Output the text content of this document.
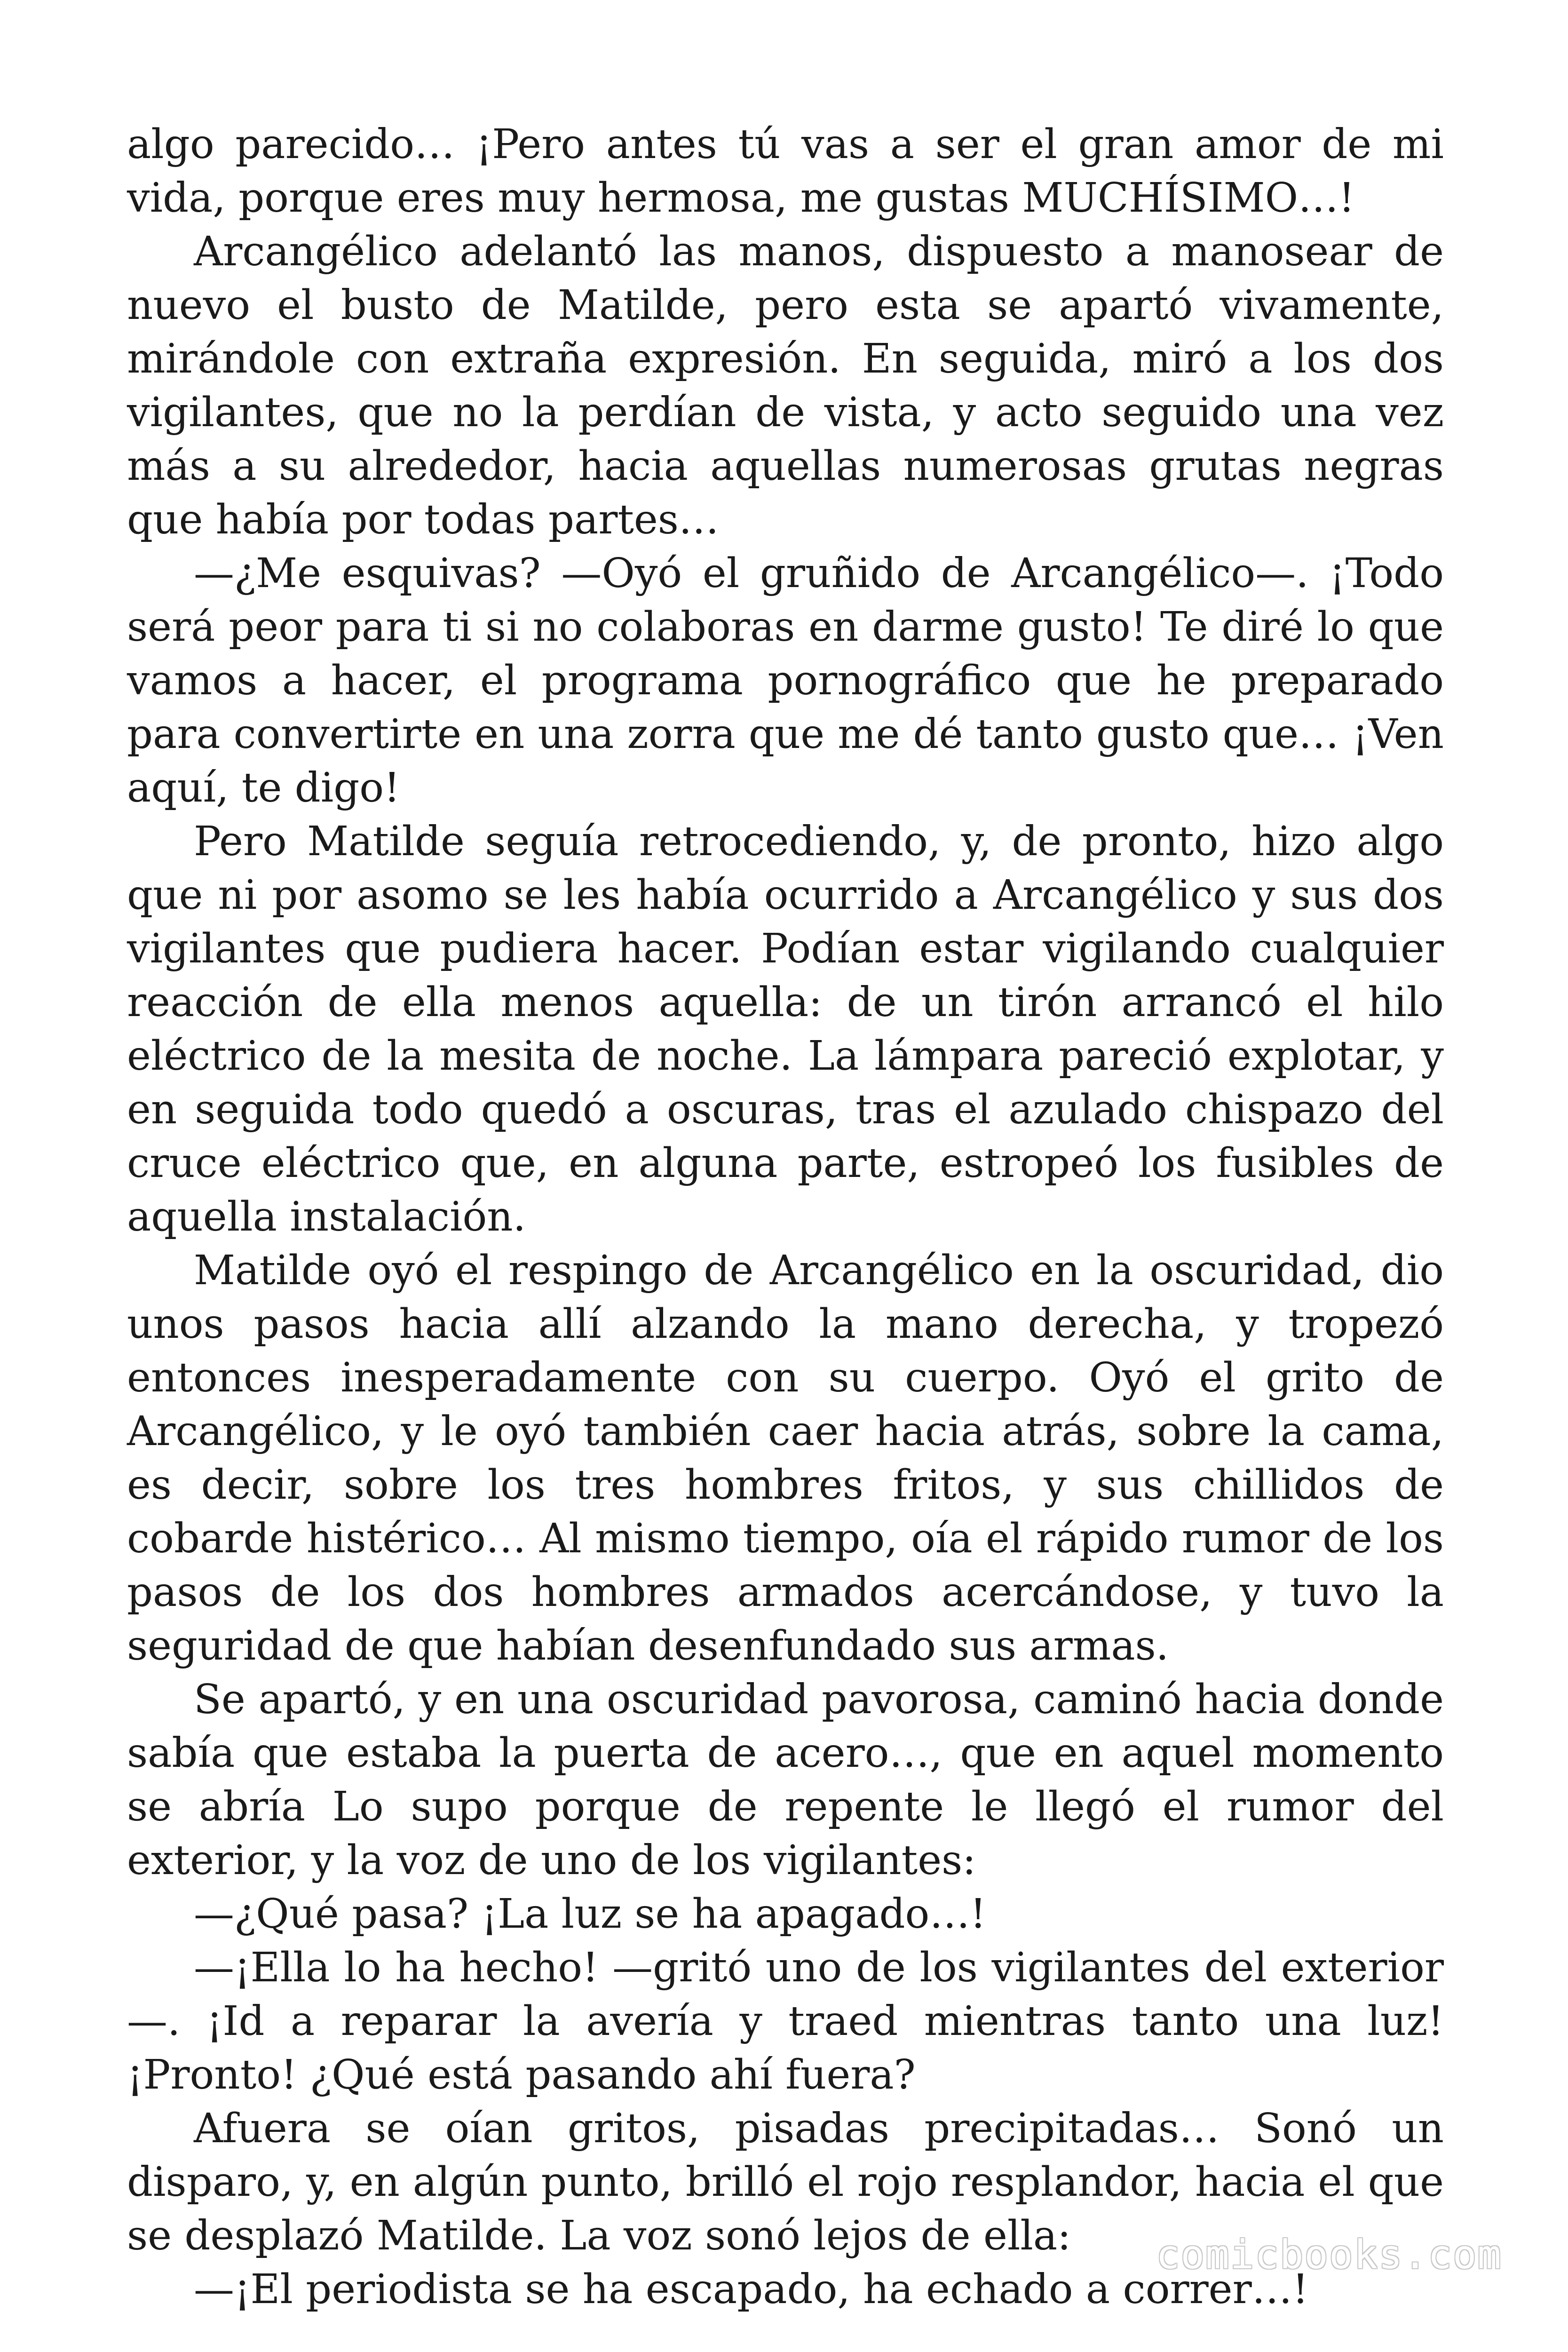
algo parecido… ¡Pero antes tú vas a ser el gran amor de mi vida, porque eres muy hermosa, me gustas MUCHÍSIMO…!

Arcangélico adelantó las manos, dispuesto a manosear de nuevo el busto de Matilde, pero esta se apartó vivamente, mirándole con extraña expresión. En seguida, miró a los dos vigilantes, que no la perdían de vista, y acto seguido una vez más a su alrededor, hacia aquellas numerosas grutas negras que había por todas partes…

—¿Me esquivas? —Oyó el gruñido de Arcangélico—. ¡Todo será peor para ti si no colaboras en darme gusto! Te diré lo que vamos a hacer, el programa pornográfico que he preparado para convertirte en una zorra que me dé tanto gusto que… ¡Ven aquí, te digo!

Pero Matilde seguía retrocediendo, y, de pronto, hizo algo que ni por asomo se les había ocurrido a Arcangélico y sus dos vigilantes que pudiera hacer. Podían estar vigilando cualquier reacción de ella menos aquella: de un tirón arrancó el hilo eléctrico de la mesita de noche. La lámpara pareció explotar, y en seguida todo quedó a oscuras, tras el azulado chispazo del cruce eléctrico que, en alguna parte, estropeó los fusibles de aquella instalación.

Matilde oyó el respingo de Arcangélico en la oscuridad, dio unos pasos hacia allí alzando la mano derecha, y tropezó entonces inesperadamente con su cuerpo. Oyó el grito de Arcangélico, y le oyó también caer hacia atrás, sobre la cama, es decir, sobre los tres hombres fritos, y sus chillidos de cobarde histérico… Al mismo tiempo, oía el rápido rumor de los pasos de los dos hombres armados acercándose, y tuvo la seguridad de que habían desenfundado sus armas.

Se apartó, y en una oscuridad pavorosa, caminó hacia donde sabía que estaba la puerta de acero…, que en aquel momento se abría Lo supo porque de repente le llegó el rumor del exterior, y la voz de uno de los vigilantes:

—¿Qué pasa? ¡La luz se ha apagado…!

—¡Ella lo ha hecho! —gritó uno de los vigilantes del exterior—. ¡Id a reparar la avería y traed mientras tanto una luz! ¡Pronto! ¿Qué está pasando ahí fuera?

Afuera se oían gritos, pisadas precipitadas… Sonó un disparo, y, en algún punto, brilló el rojo resplandor, hacia el que se desplazó Matilde. La voz sonó lejos de ella:

—¡El periodista se ha escapado, ha echado a correr…!

comicbooks.com
